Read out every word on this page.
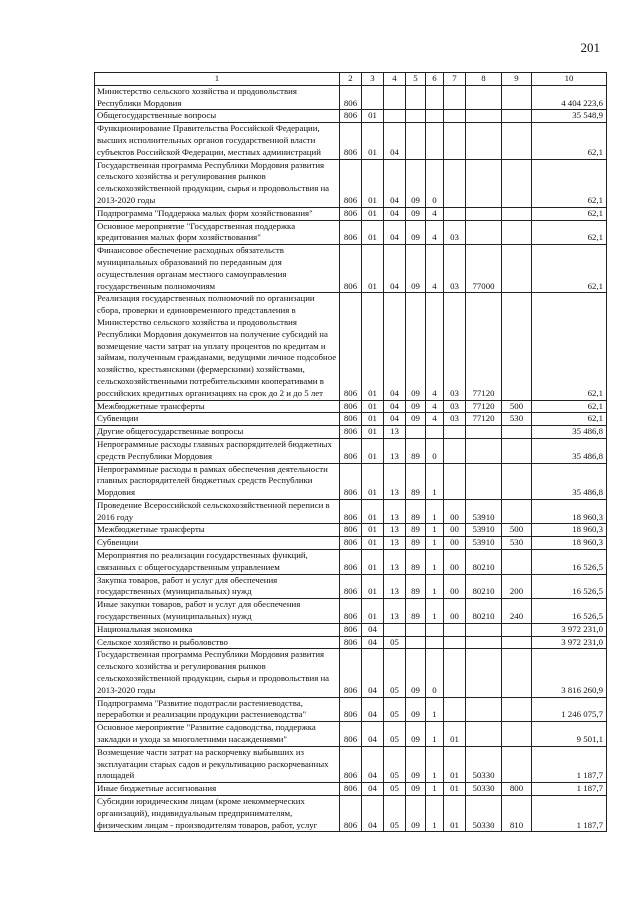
201
1	2	3	4	5	6	7	8	9	10
Министерство сельского хозяйства и продовольствия Республики Мордовия	806								4 404 223,6
Общегосударственные вопросы	806	01							35 548,9
Функционирование Правительства Российской Федерации, высших исполнительных органов государственной власти субъектов Российской Федерации, местных администраций	806	01	04						62,1
Государственная программа Республики Мордовия развития сельского хозяйства и регулирования рынков сельскохозяйственной продукции, сырья и продовольствия на 2013-2020 годы	806	01	04	09	0				62,1
Подпрограмма "Поддержка малых форм хозяйствования"	806	01	04	09	4				62,1
Основное мероприятие "Государственная поддержка кредитования малых форм хозяйствования"	806	01	04	09	4	03			62,1
Финансовое обеспечение расходных обязательств муниципальных образований по переданным для осуществления органам местного самоуправления государственным полномочиям	806	01	04	09	4	03	77000		62,1
Реализация государственных полномочий по организации сбора, проверки и единовременного представления в Министерство сельского хозяйства и продовольствия Республики Мордовия документов на получение субсидий на возмещение части затрат на уплату процентов по кредитам и займам, полученным гражданами, ведущими личное подсобное хозяйство, крестьянскими (фермерскими) хозяйствами, сельскохозяйственными потребительскими кооперативами в российских кредитных организациях на срок до 2 и до 5 лет	806	01	04	09	4	03	77120		62,1
Межбюджетные трансферты	806	01	04	09	4	03	77120	500	62,1
Субвенции	806	01	04	09	4	03	77120	530	62,1
Другие общегосударственные вопросы	806	01	13						35 486,8
Непрограммные расходы главных распорядителей бюджетных средств Республики Мордовия	806	01	13	89	0				35 486,8
Непрограммные расходы в рамках обеспечения деятельности главных распорядителей бюджетных средств Республики Мордовия	806	01	13	89	1				35 486,8
Проведение Всероссийской сельскохозяйственной переписи в 2016 году	806	01	13	89	1	00	53910		18 960,3
Межбюджетные трансферты	806	01	13	89	1	00	53910	500	18 960,3
Субвенции	806	01	13	89	1	00	53910	530	18 960,3
Мероприятия по реализации государственных функций, связанных с общегосударственным управлением	806	01	13	89	1	00	80210		16 526,5
Закупка товаров, работ и услуг для обеспечения государственных (муниципальных) нужд	806	01	13	89	1	00	80210	200	16 526,5
Иные закупки товаров, работ и услуг для обеспечения государственных (муниципальных) нужд	806	01	13	89	1	00	80210	240	16 526,5
Национальная экономика	806	04							3 972 231,0
Сельское хозяйство и рыболовство	806	04	05						3 972 231,0
Государственная программа Республики Мордовия развития сельского хозяйства и регулирования рынков сельскохозяйственной продукции, сырья и продовольствия на 2013-2020 годы	806	04	05	09	0				3 816 260,9
Подпрограмма "Развитие подотрасли растениеводства, переработки и реализации продукции растениеводства"	806	04	05	09	1				1 246 075,7
Основное мероприятие "Развитие садоводства, поддержка закладки и ухода за многолетними насаждениями"	806	04	05	09	1	01			9 501,1
Возмещение части затрат на раскорчевку выбывших из эксплуатации старых садов и рекультивацию раскорчеванных площадей	806	04	05	09	1	01	50330		1 187,7
Иные бюджетные ассигнования	806	04	05	09	1	01	50330	800	1 187,7
Субсидии юридическим лицам (кроме некоммерческих организаций), индивидуальным предпринимателям, физическим лицам - производителям товаров, работ, услуг	806	04	05	09	1	01	50330	810	1 187,7
